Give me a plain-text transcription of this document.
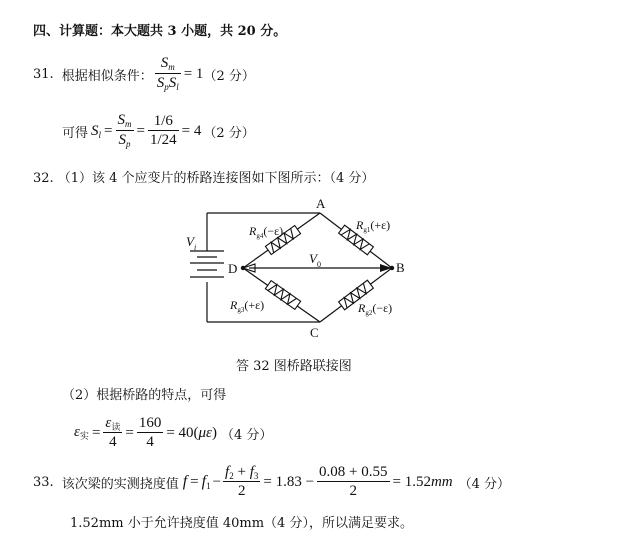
四、计算题：本大题共 3 小题，共 20 分。
31. 根据相似条件： $\frac{S_m}{S_pS_l} = 1$ （2 分）
可得 $S_l = \frac{S_m}{S_p} = \frac{1/6}{1/24} = 4$ （2 分）
32. （1）该 4 个应变片的桥路连接图如下图所示：（4 分）
A
B
C
D
$V_i$
$V_0$
$R_{g4}(-\varepsilon)$	$R_{g1}(+\varepsilon)$
$R_{g3}(+\varepsilon)$	$R_{g2}(-\varepsilon)$
答 32 图桥路联接图
（2）根据桥路的特点，可得
$\varepsilon_实 = \frac{\varepsilon_读}{4} = \frac{160}{4} = 40$( με ) （4 分）
33. 该次梁的实测挠度值 $f = f1 - \frac{f_2 + f_3}{2} = 1.83 - \frac{0.08 + 0.55}{2} = 1.52$ mm （4 分）
1.52mm 小于允许挠度值 40mm（4 分），所以满足要求。
